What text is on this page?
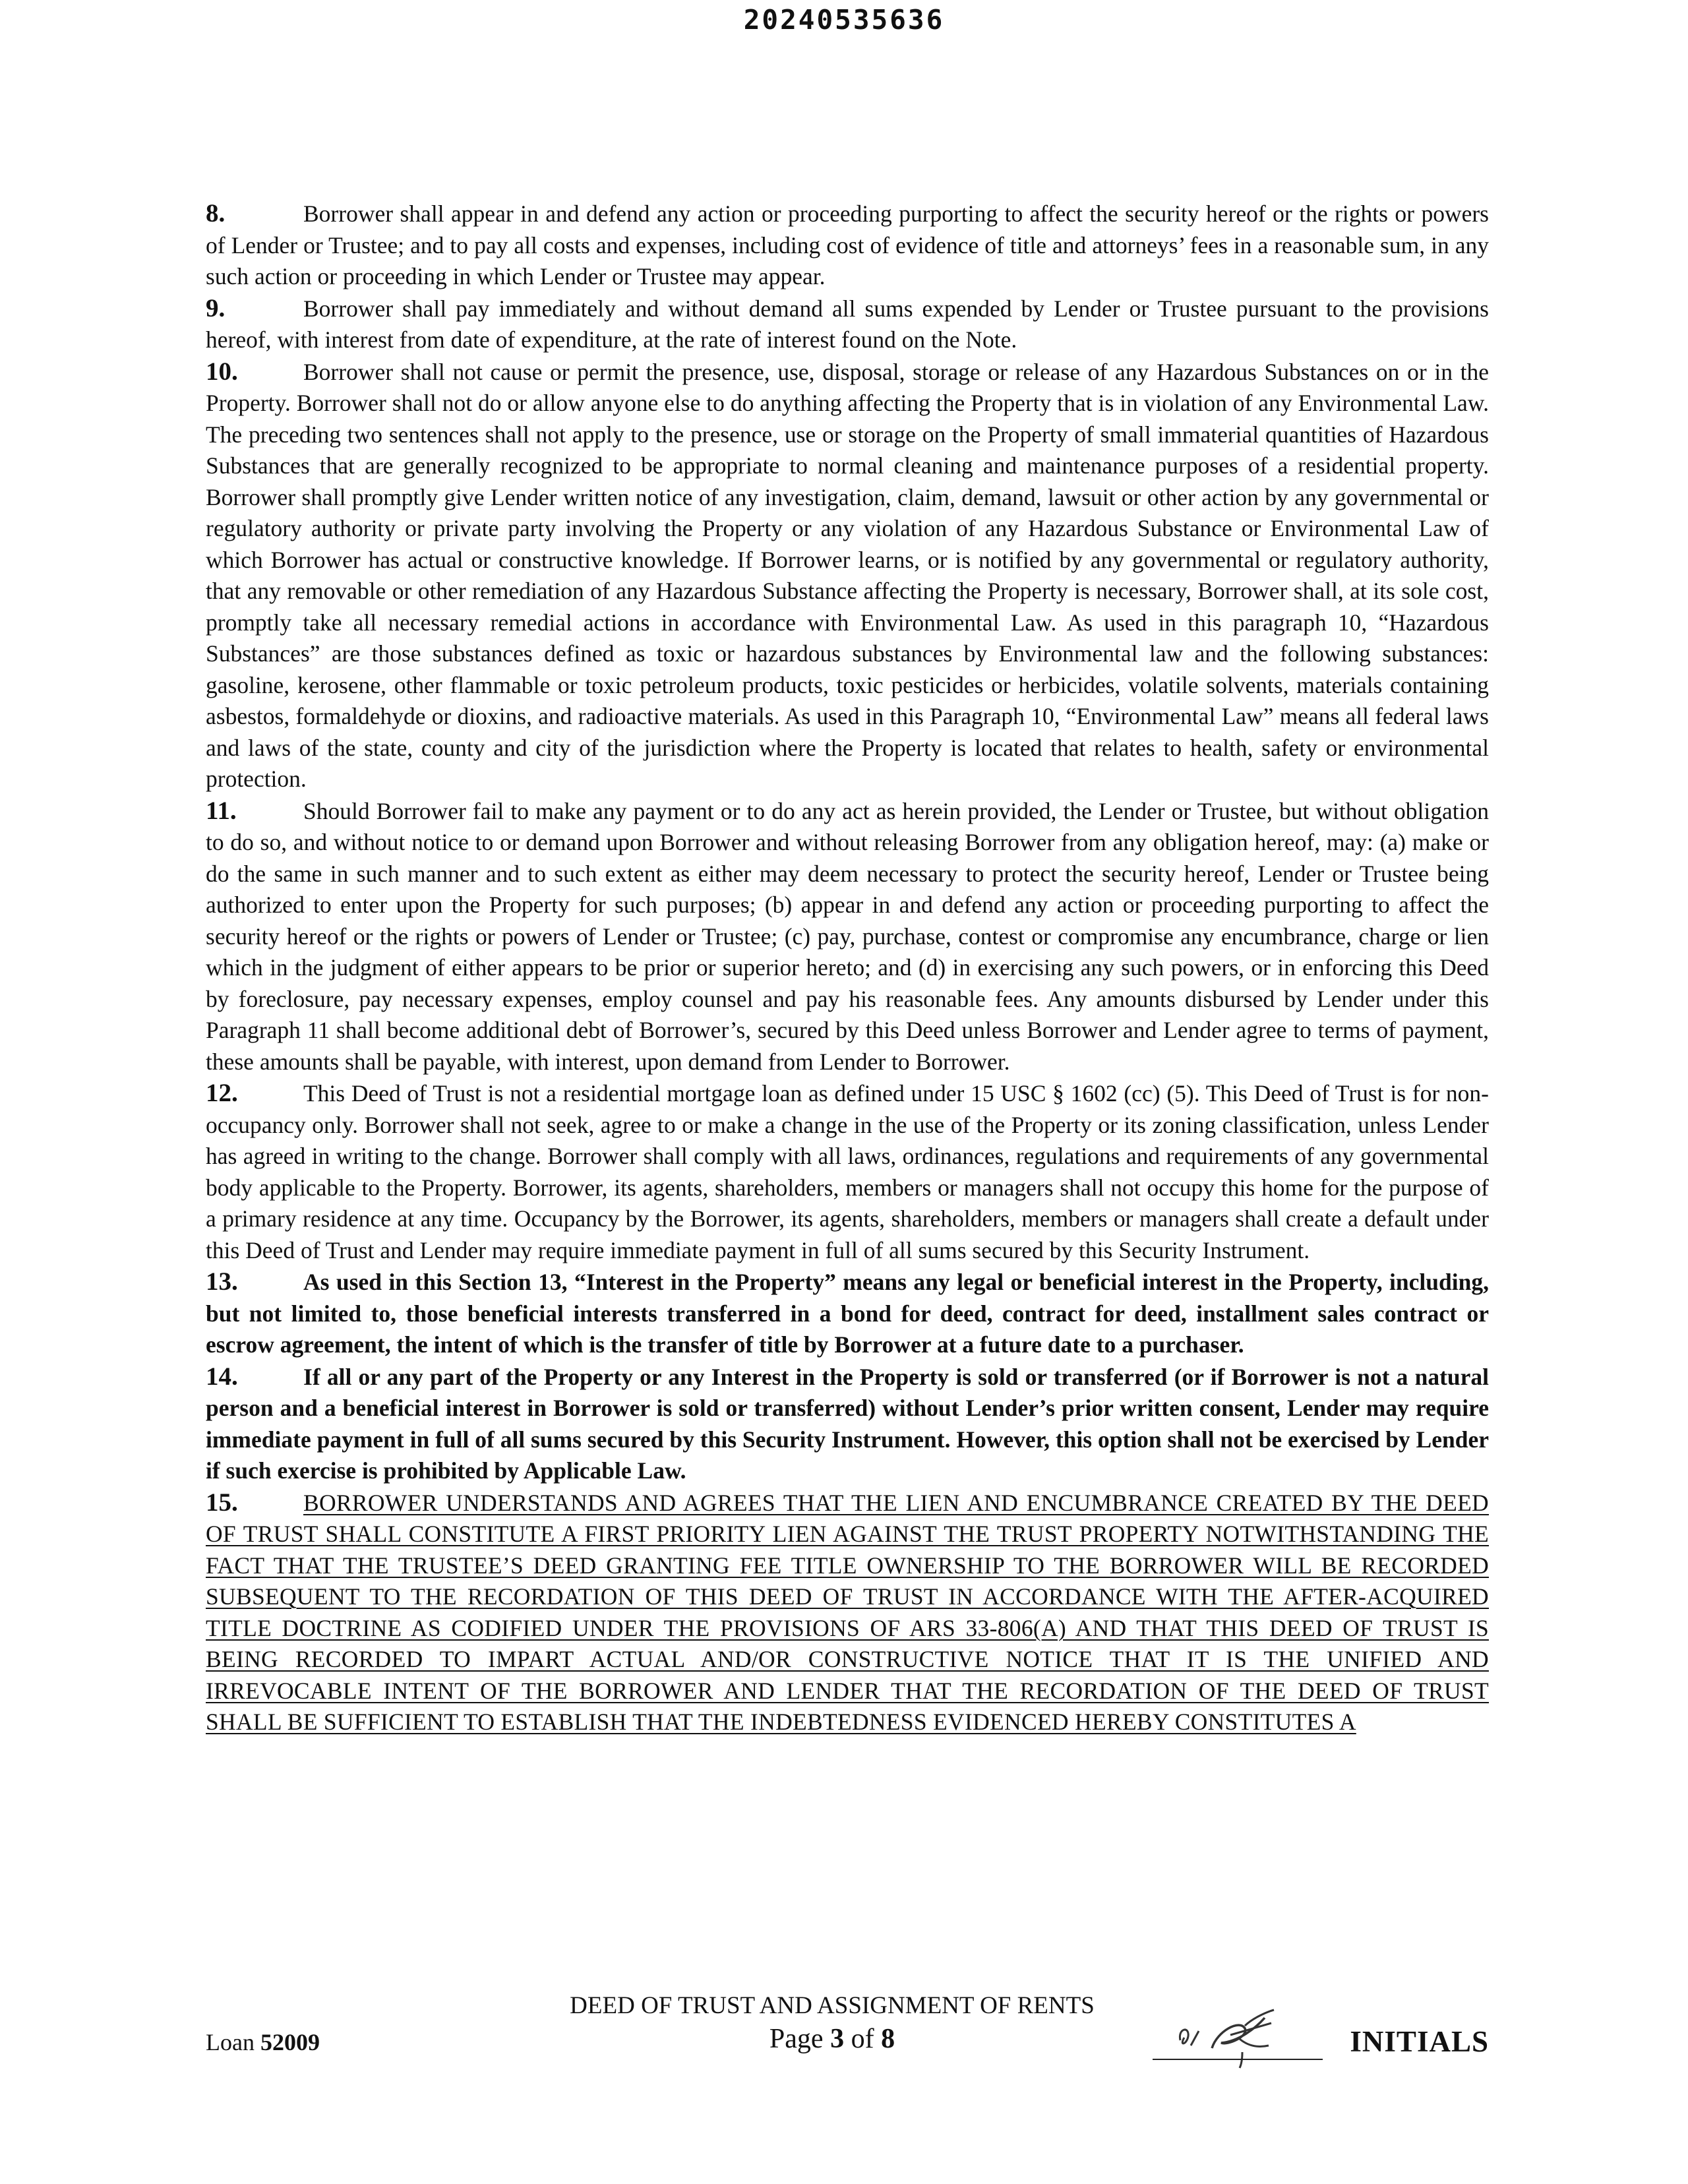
20240535636

8.	Borrower shall appear in and defend any action or proceeding purporting to affect the security hereof or the rights or powers of Lender or Trustee; and to pay all costs and expenses, including cost of evidence of title and attorneys’ fees in a reasonable sum, in any such action or proceeding in which Lender or Trustee may appear.

9.	Borrower shall pay immediately and without demand all sums expended by Lender or Trustee pursuant to the provisions hereof, with interest from date of expenditure, at the rate of interest found on the Note.

10.	Borrower shall not cause or permit the presence, use, disposal, storage or release of any Hazardous Substances on or in the Property. Borrower shall not do or allow anyone else to do anything affecting the Property that is in violation of any Environmental Law. The preceding two sentences shall not apply to the presence, use or storage on the Property of small immaterial quantities of Hazardous Substances that are generally recognized to be appropriate to normal cleaning and maintenance purposes of a residential property. Borrower shall promptly give Lender written notice of any investigation, claim, demand, lawsuit or other action by any governmental or regulatory authority or private party involving the Property or any violation of any Hazardous Substance or Environmental Law of which Borrower has actual or constructive knowledge. If Borrower learns, or is notified by any governmental or regulatory authority, that any removable or other remediation of any Hazardous Substance affecting the Property is necessary, Borrower shall, at its sole cost, promptly take all necessary remedial actions in accordance with Environmental Law. As used in this paragraph 10, “Hazardous Substances” are those substances defined as toxic or hazardous substances by Environmental law and the following substances: gasoline, kerosene, other flammable or toxic petroleum products, toxic pesticides or herbicides, volatile solvents, materials containing asbestos, formaldehyde or dioxins, and radioactive materials. As used in this Paragraph 10, “Environmental Law” means all federal laws and laws of the state, county and city of the jurisdiction where the Property is located that relates to health, safety or environmental protection.

11.	Should Borrower fail to make any payment or to do any act as herein provided, the Lender or Trustee, but without obligation to do so, and without notice to or demand upon Borrower and without releasing Borrower from any obligation hereof, may: (a) make or do the same in such manner and to such extent as either may deem necessary to protect the security hereof, Lender or Trustee being authorized to enter upon the Property for such purposes; (b) appear in and defend any action or proceeding purporting to affect the security hereof or the rights or powers of Lender or Trustee; (c) pay, purchase, contest or compromise any encumbrance, charge or lien which in the judgment of either appears to be prior or superior hereto; and (d) in exercising any such powers, or in enforcing this Deed by foreclosure, pay necessary expenses, employ counsel and pay his reasonable fees. Any amounts disbursed by Lender under this Paragraph 11 shall become additional debt of Borrower’s, secured by this Deed unless Borrower and Lender agree to terms of payment, these amounts shall be payable, with interest, upon demand from Lender to Borrower.

12.	This Deed of Trust is not a residential mortgage loan as defined under 15 USC § 1602 (cc) (5). This Deed of Trust is for non-occupancy only. Borrower shall not seek, agree to or make a change in the use of the Property or its zoning classification, unless Lender has agreed in writing to the change. Borrower shall comply with all laws, ordinances, regulations and requirements of any governmental body applicable to the Property. Borrower, its agents, shareholders, members or managers shall not occupy this home for the purpose of a primary residence at any time. Occupancy by the Borrower, its agents, shareholders, members or managers shall create a default under this Deed of Trust and Lender may require immediate payment in full of all sums secured by this Security Instrument.

13.	As used in this Section 13, “Interest in the Property” means any legal or beneficial interest in the Property, including, but not limited to, those beneficial interests transferred in a bond for deed, contract for deed, installment sales contract or escrow agreement, the intent of which is the transfer of title by Borrower at a future date to a purchaser.

14.	If all or any part of the Property or any Interest in the Property is sold or transferred (or if Borrower is not a natural person and a beneficial interest in Borrower is sold or transferred) without Lender’s prior written consent, Lender may require immediate payment in full of all sums secured by this Security Instrument. However, this option shall not be exercised by Lender if such exercise is prohibited by Applicable Law.

15.	BORROWER UNDERSTANDS AND AGREES THAT THE LIEN AND ENCUMBRANCE CREATED BY THE DEED OF TRUST SHALL CONSTITUTE A FIRST PRIORITY LIEN AGAINST THE TRUST PROPERTY NOTWITHSTANDING THE FACT THAT THE TRUSTEE’S DEED GRANTING FEE TITLE OWNERSHIP TO THE BORROWER WILL BE RECORDED SUBSEQUENT TO THE RECORDATION OF THIS DEED OF TRUST IN ACCORDANCE WITH THE AFTER-ACQUIRED TITLE DOCTRINE AS CODIFIED UNDER THE PROVISIONS OF ARS 33-806(A) AND THAT THIS DEED OF TRUST IS BEING RECORDED TO IMPART ACTUAL AND/OR CONSTRUCTIVE NOTICE THAT IT IS THE UNIFIED AND IRREVOCABLE INTENT OF THE BORROWER AND LENDER THAT THE RECORDATION OF THE DEED OF TRUST SHALL BE SUFFICIENT TO ESTABLISH THAT THE INDEBTEDNESS EVIDENCED HEREBY CONSTITUTES A

Loan 52009
DEED OF TRUST AND ASSIGNMENT OF RENTS
Page 3 of 8	INITIALS
